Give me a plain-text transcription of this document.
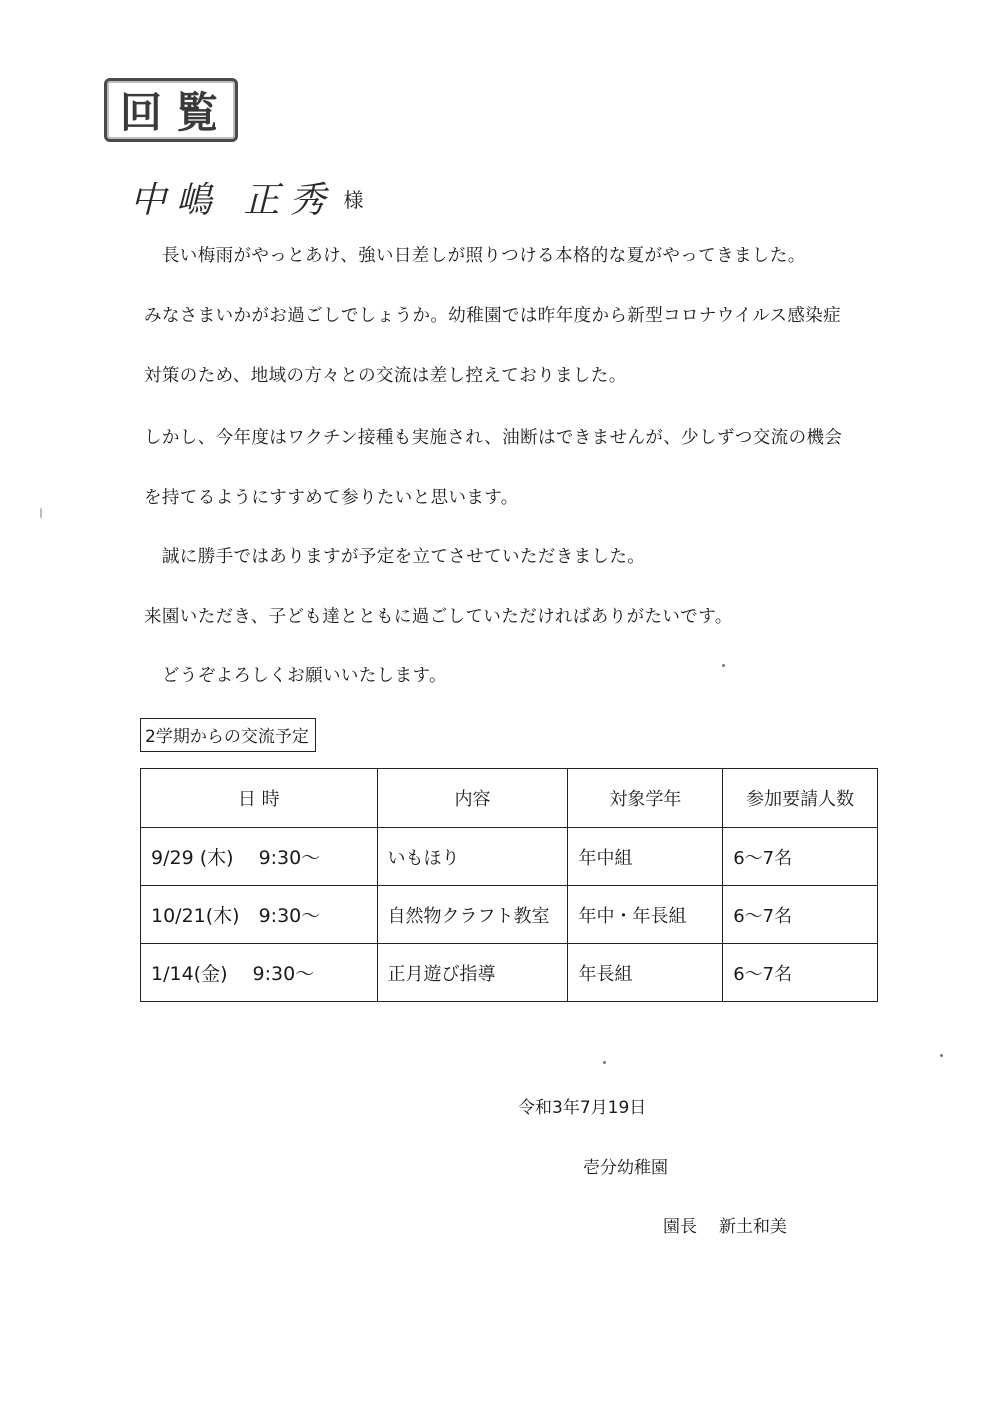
回覧
中嶋 正秀 様
　長い梅雨がやっとあけ、強い日差しが照りつける本格的な夏がやってきました。
みなさまいかがお過ごしでしょうか。幼稚園では昨年度から新型コロナウイルス感染症
対策のため、地域の方々との交流は差し控えておりました。
しかし、今年度はワクチン接種も実施され、油断はできませんが、少しずつ交流の機会
を持てるようにすすめて参りたいと思います。
　誠に勝手ではありますが予定を立てさせていただきました。
来園いただき、子ども達とともに過ごしていただければありがたいです。
　どうぞよろしくお願いいたします。
2学期からの交流予定
日 時	内容	対象学年	参加要請人数
9/29 (木)　 9:30～	いもほり	年中組	6～7名
10/21(木)　9:30～	自然物クラフト教室	年中・年長組	6～7名
1/14(金)　 9:30～	正月遊び指導	年長組	6～7名
令和3年7月19日
壱分幼稚園
園長 新土和美
